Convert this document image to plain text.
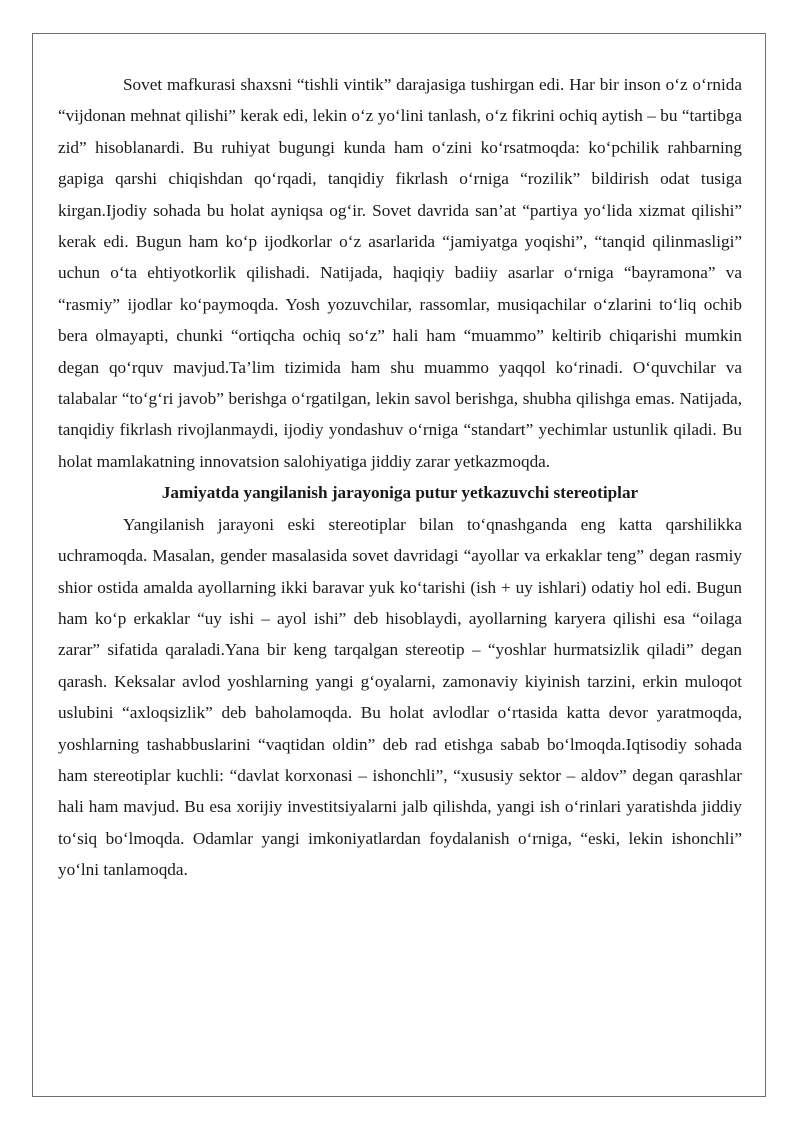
Sovet mafkurasi shaxsni “tishli vintik” darajasiga tushirgan edi. Har bir inson o‘z o‘rnida “vijdonan mehnat qilishi” kerak edi, lekin o‘z yo‘lini tanlash, o‘z fikrini ochiq aytish – bu “tartibga zid” hisoblanardi. Bu ruhiyat bugungi kunda ham o‘zini ko‘rsatmoqda: ko‘pchilik rahbarning gapiga qarshi chiqishdan qo‘rqadi, tanqidiy fikrlash o‘rniga “rozilik” bildirish odat tusiga kirgan.Ijodiy sohada bu holat ayniqsa og‘ir. Sovet davrida san’at “partiya yo‘lida xizmat qilishi” kerak edi. Bugun ham ko‘p ijodkorlar o‘z asarlarida “jamiyatga yoqishi”, “tanqid qilinmasligi” uchun o‘ta ehtiyotkorlik qilishadi. Natijada, haqiqiy badiiy asarlar o‘rniga “bayramona” va “rasmiy” ijodlar ko‘paymoqda. Yosh yozuvchilar, rassomlar, musiqachilar o‘zlarini to‘liq ochib bera olmayapti, chunki “ortiqcha ochiq so‘z” hali ham “muammo” keltirib chiqarishi mumkin degan qo‘rquv mavjud.Ta’lim tizimida ham shu muammo yaqqol ko‘rinadi. O‘quvchilar va talabalar “to‘g‘ri javob” berishga o‘rgatilgan, lekin savol berishga, shubha qilishga emas. Natijada, tanqidiy fikrlash rivojlanmaydi, ijodiy yondashuv o‘rniga “standart” yechimlar ustunlik qiladi. Bu holat mamlakatning innovatsion salohiyatiga jiddiy zarar yetkazmoqda.

Jamiyatda yangilanish jarayoniga putur yetkazuvchi stereotiplar

Yangilanish jarayoni eski stereotiplar bilan to‘qnashganda eng katta qarshilikka uchramoqda. Masalan, gender masalasida sovet davridagi “ayollar va erkaklar teng” degan rasmiy shior ostida amalda ayollarning ikki baravar yuk ko‘tarishi (ish + uy ishlari) odatiy hol edi. Bugun ham ko‘p erkaklar “uy ishi – ayol ishi” deb hisoblaydi, ayollarning karyera qilishi esa “oilaga zarar” sifatida qaraladi.Yana bir keng tarqalgan stereotip – “yoshlar hurmatsizlik qiladi” degan qarash. Keksalar avlod yoshlarning yangi g‘oyalarni, zamonaviy kiyinish tarzini, erkin muloqot uslubini “axloqsizlik” deb baholamoqda. Bu holat avlodlar o‘rtasida katta devor yaratmoqda, yoshlarning tashabbuslarini “vaqtidan oldin” deb rad etishga sabab bo‘lmoqda.Iqtisodiy sohada ham stereotiplar kuchli: “davlat korxonasi – ishonchli”, “xususiy sektor – aldov” degan qarashlar hali ham mavjud. Bu esa xorijiy investitsiyalarni jalb qilishda, yangi ish o‘rinlari yaratishda jiddiy to‘siq bo‘lmoqda. Odamlar yangi imkoniyatlardan foydalanish o‘rniga, “eski, lekin ishonchli” yo‘lni tanlamoqda.
